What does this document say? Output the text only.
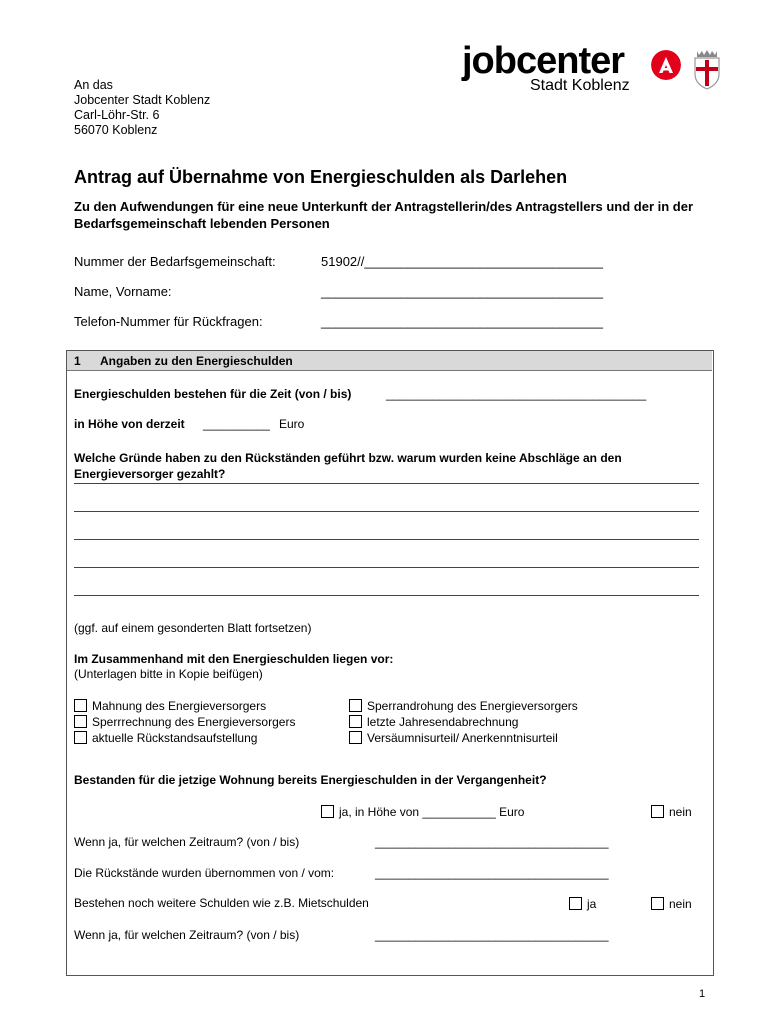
An das
Jobcenter Stadt Koblenz
Carl-Löhr-Str. 6
56070 Koblenz
jobcenter
Stadt Koblenz
Antrag auf Übernahme von Energieschulden als Darlehen
Zu den Aufwendungen für eine neue Unterkunft der Antragstellerin/des Antragstellers und der in der Bedarfsgemeinschaft lebenden Personen
Nummer der Bedarfsgemeinschaft:	51902//_________________________________
Name, Vorname:	_______________________________________
Telefon-Nummer für Rückfragen:	_______________________________________
1 Angaben zu den Energieschulden
Energieschulden bestehen für die Zeit (von / bis)	_______________________________________
in Höhe von derzeit __________ Euro
Welche Gründe haben zu den Rückständen geführt bzw. warum wurden keine Abschläge an den Energieversorger gezahlt?
(ggf. auf einem gesonderten Blatt fortsetzen)
Im Zusammenhand mit den Energieschulden liegen vor:
(Unterlagen bitte in Kopie beifügen)
Mahnung des Energieversorgers
Sperrrechnung des Energieversorgers
aktuelle Rückstandsaufstellung
Sperrandrohung des Energieversorgers
letzte Jahresendabrechnung
Versäumnisurteil/ Anerkenntnisurteil
Bestanden für die jetzige Wohnung bereits Energieschulden in der Vergangenheit?
ja, in Höhe von ___________ Euro	nein
Wenn ja, für welchen Zeitraum? (von / bis)	___________________________________
Die Rückstände wurden übernommen von / vom:	___________________________________
Bestehen noch weitere Schulden wie z.B. Mietschulden	ja	nein
Wenn ja, für welchen Zeitraum? (von / bis)	___________________________________
1
